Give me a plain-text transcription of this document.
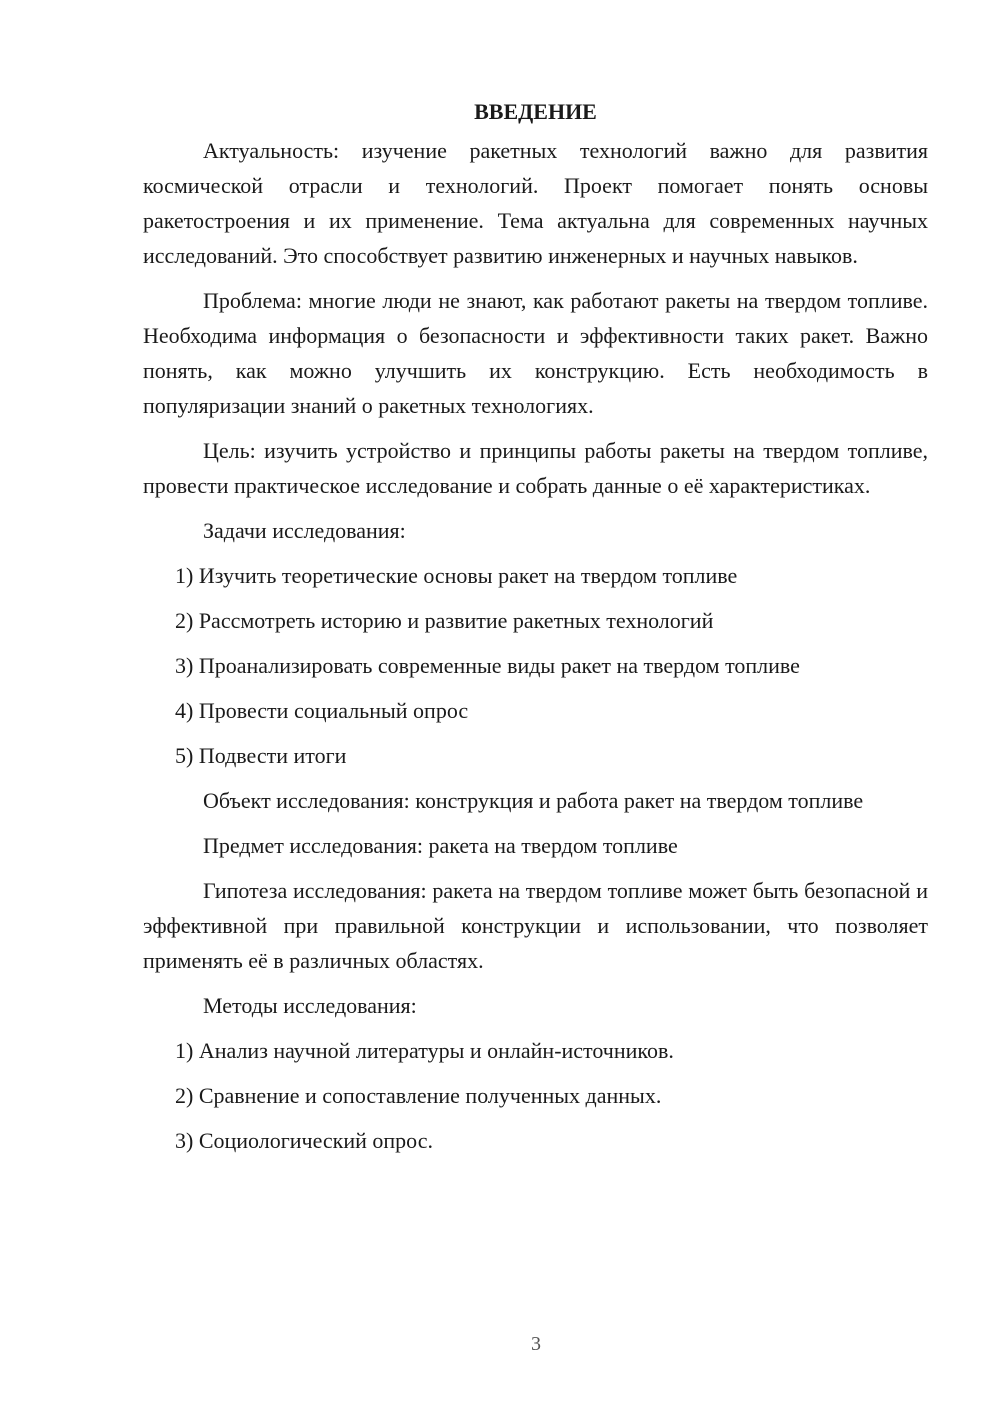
ВВЕДЕНИЕ

Актуальность: изучение ракетных технологий важно для развития космической отрасли и технологий. Проект помогает понять основы ракетостроения и их применение. Тема актуальна для современных научных исследований. Это способствует развитию инженерных и научных навыков.

Проблема: многие люди не знают, как работают ракеты на твердом топливе. Необходима информация о безопасности и эффективности таких ракет. Важно понять, как можно улучшить их конструкцию. Есть необходимость в популяризации знаний о ракетных технологиях.

Цель: изучить устройство и принципы работы ракеты на твердом топливе, провести практическое исследование и собрать данные о её характеристиках.

Задачи исследования:

1) Изучить теоретические основы ракет на твердом топливе
2) Рассмотреть историю и развитие ракетных технологий
3) Проанализировать современные виды ракет на твердом топливе
4) Провести социальный опрос
5) Подвести итоги

Объект исследования: конструкция и работа ракет на твердом топливе

Предмет исследования: ракета на твердом топливе

Гипотеза исследования: ракета на твердом топливе может быть безопасной и эффективной при правильной конструкции и использовании, что позволяет применять её в различных областях.

Методы исследования:

1) Анализ научной литературы и онлайн-источников.
2) Сравнение и сопоставление полученных данных.
3) Социологический опрос.
3
